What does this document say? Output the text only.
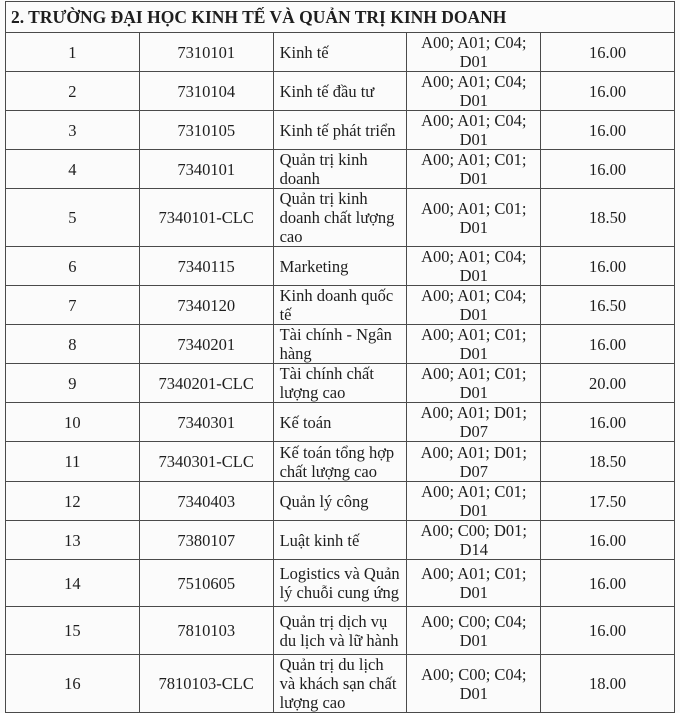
2. TRƯỜNG ĐẠI HỌC KINH TẾ VÀ QUẢN TRỊ KINH DOANH				
1	7310101	Kinh tế	A00; A01; C04; D01	16.00
2	7310104	Kinh tế đầu tư	A00; A01; C04; D01	16.00
3	7310105	Kinh tế phát triển	A00; A01; C04; D01	16.00
4	7340101	Quản trị kinh doanh	A00; A01; C01; D01	16.00
5	7340101-CLC	Quản trị kinh doanh chất lượng cao	A00; A01; C01; D01	18.50
6	7340115	Marketing	A00; A01; C04; D01	16.00
7	7340120	Kinh doanh quốc tế	A00; A01; C04; D01	16.50
8	7340201	Tài chính - Ngân hàng	A00; A01; C01; D01	16.00
9	7340201-CLC	Tài chính chất lượng cao	A00; A01; C01; D01	20.00
10	7340301	Kế toán	A00; A01; D01; D07	16.00
11	7340301-CLC	Kế toán tổng hợp chất lượng cao	A00; A01; D01; D07	18.50
12	7340403	Quản lý công	A00; A01; C01; D01	17.50
13	7380107	Luật kinh tế	A00; C00; D01; D14	16.00
14	7510605	Logistics và Quản lý chuỗi cung ứng	A00; A01; C01; D01	16.00
15	7810103	Quản trị dịch vụ du lịch và lữ hành	A00; C00; C04; D01	16.00
16	7810103-CLC	Quản trị du lịch và khách sạn chất lượng cao	A00; C00; C04; D01	18.00
